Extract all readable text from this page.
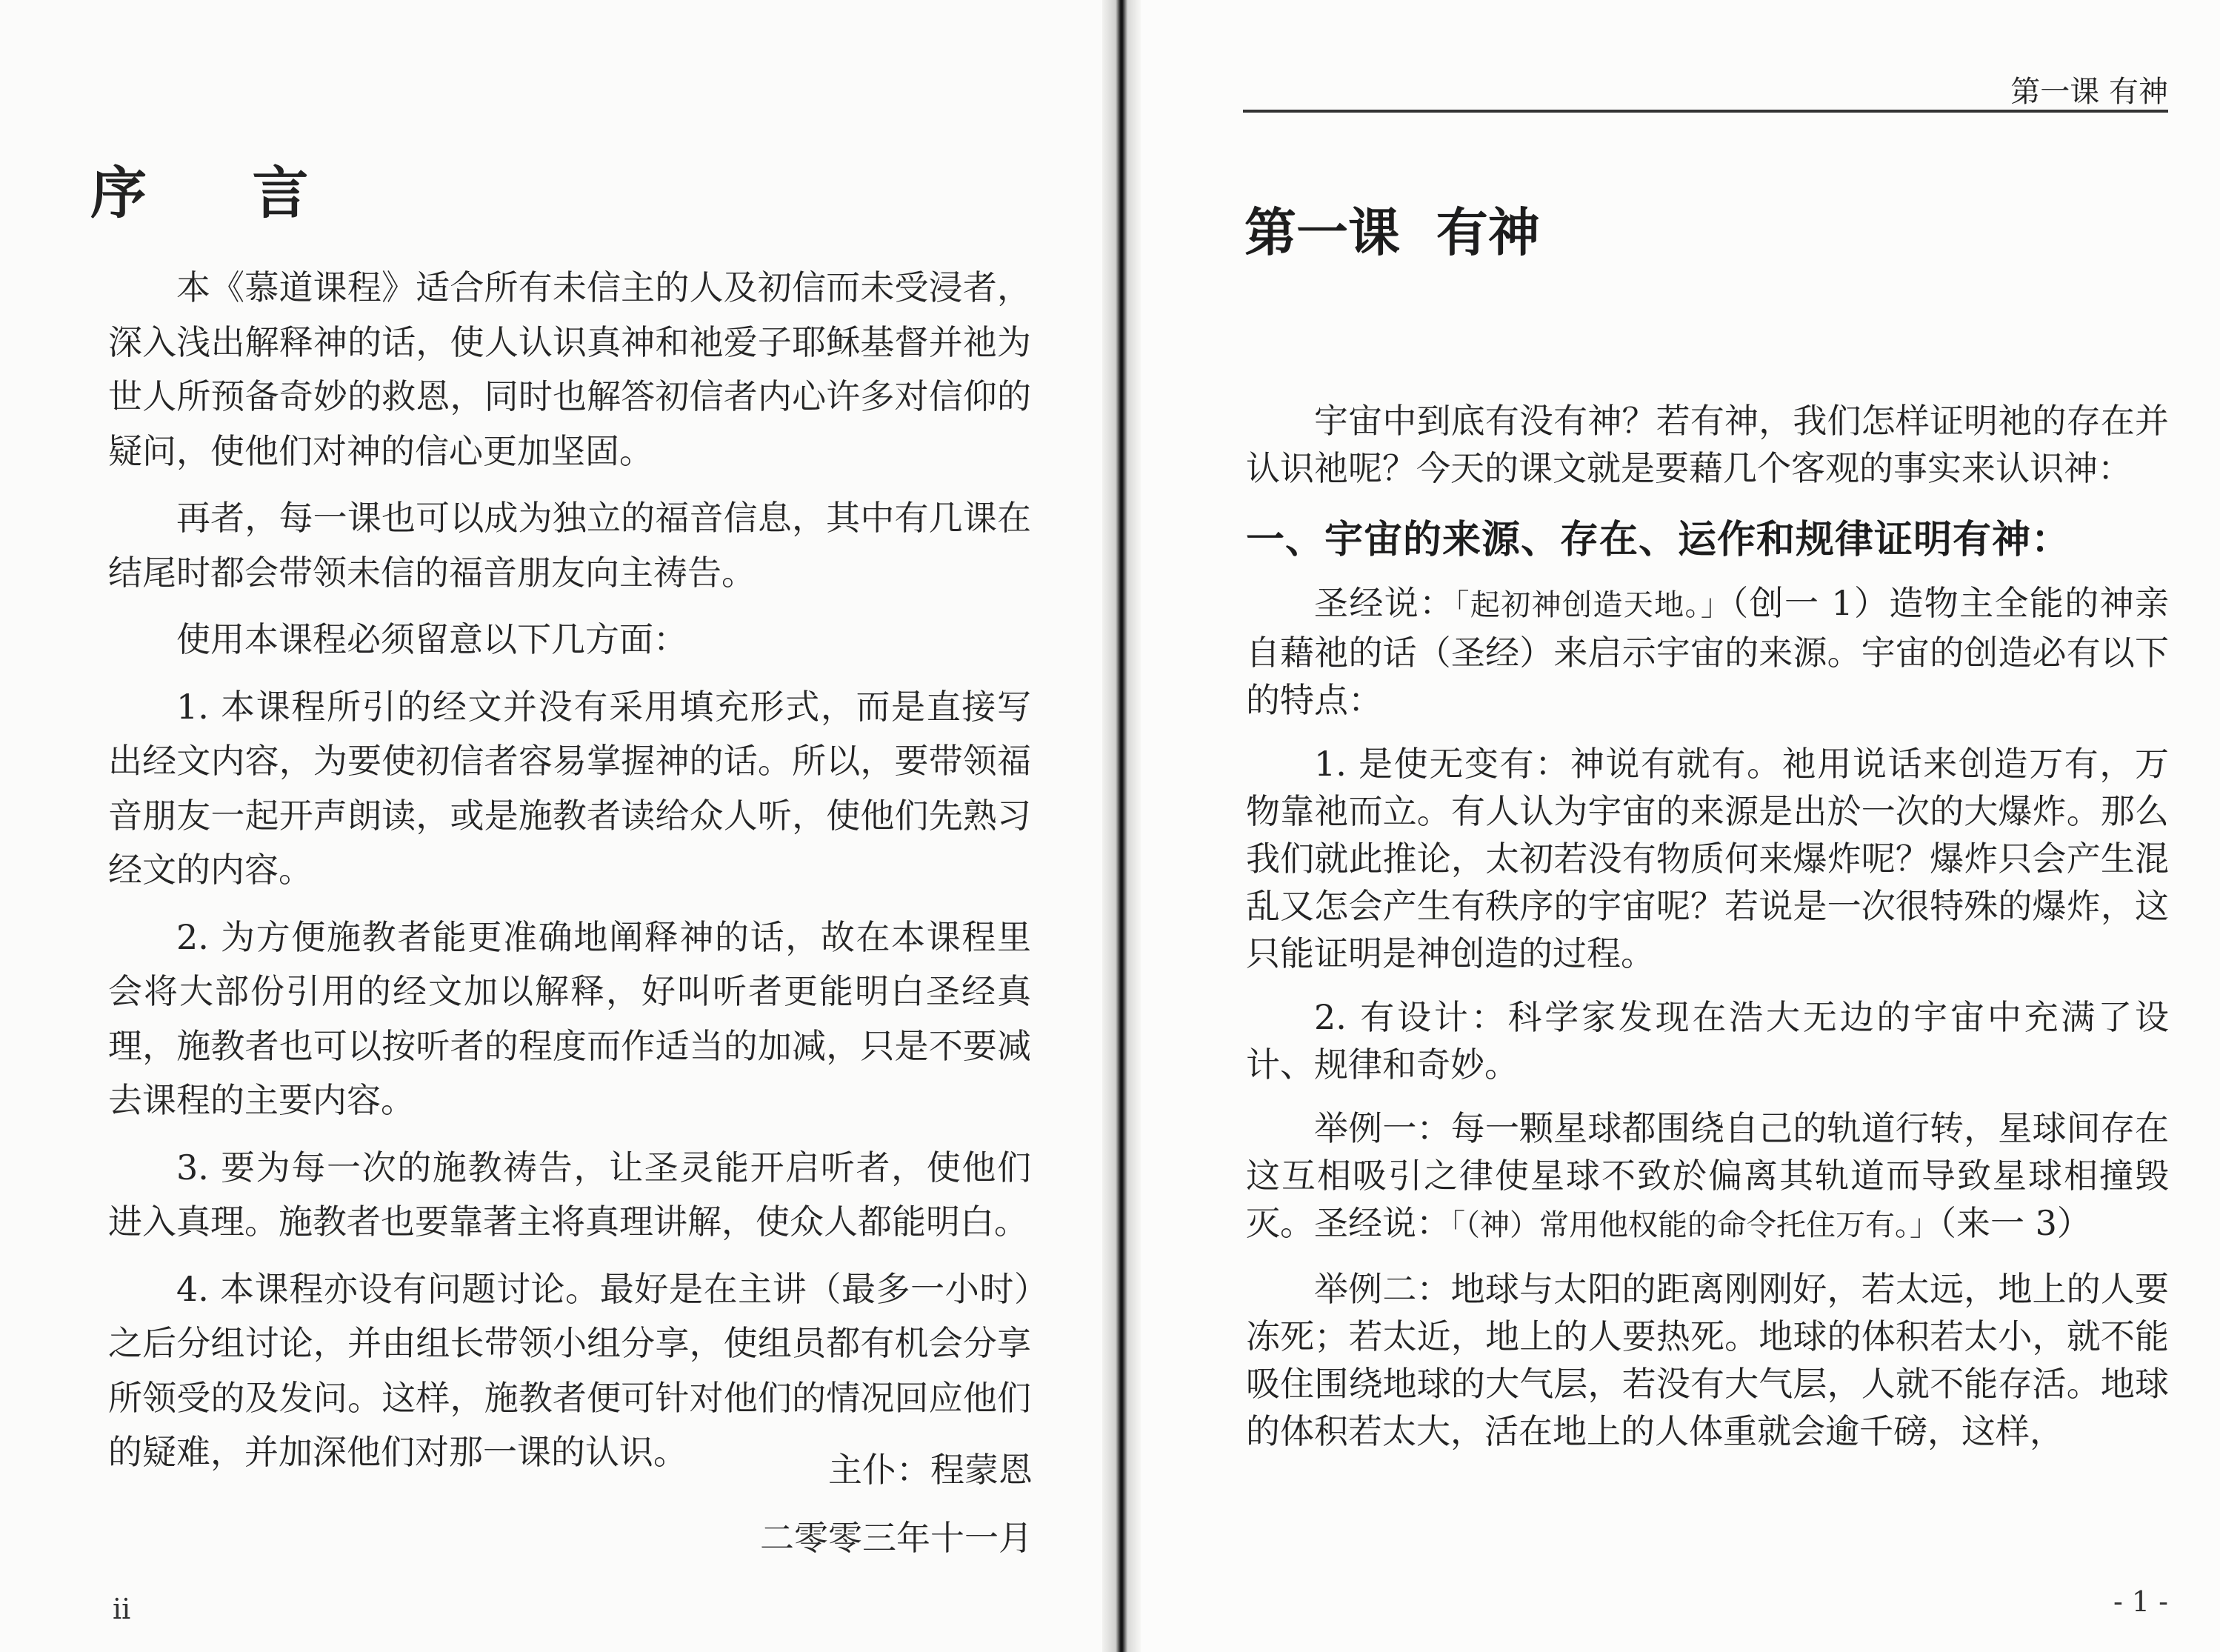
序 言

本《慕道课程》适合所有未信主的人及初信而未受浸者，深入浅出解释神的话，使人认识真神和祂爱子耶稣基督并祂为世人所预备奇妙的救恩，同时也解答初信者内心许多对信仰的疑问，使他们对神的信心更加坚固。

再者，每一课也可以成为独立的福音信息，其中有几课在结尾时都会带领未信的福音朋友向主祷告。

使用本课程必须留意以下几方面：

1. 本课程所引的经文并没有采用填充形式，而是直接写出经文内容，为要使初信者容易掌握神的话。所以，要带领福音朋友一起开声朗读，或是施教者读给众人听，使他们先熟习经文的内容。

2. 为方便施教者能更准确地阐释神的话，故在本课程里会将大部份引用的经文加以解释，好叫听者更能明白圣经真理，施教者也可以按听者的程度而作适当的加减，只是不要减去课程的主要内容。

3. 要为每一次的施教祷告，让圣灵能开启听者，使他们进入真理。施教者也要靠著主将真理讲解，使众人都能明白。

4. 本课程亦设有问题讨论。最好是在主讲（最多一小时）之后分组讨论，并由组长带领小组分享，使组员都有机会分享所领受的及发问。这样，施教者便可针对他们的情况回应他们的疑难，并加深他们对那一课的认识。	主仆：程蒙恩
二零零三年十一月
ii
第一课 有神
第一课  有神

宇宙中到底有没有神？若有神，我们怎样证明祂的存在并认识祂呢？今天的课文就是要藉几个客观的事实来认识神：

一、宇宙的来源、存在、运作和规律证明有神：

圣经说：「起初神创造天地。」（创一 1）造物主全能的神亲自藉祂的话（圣经）来启示宇宙的来源。宇宙的创造必有以下的特点：

1. 是使无变有：神说有就有。祂用说话来创造万有，万物靠祂而立。有人认为宇宙的来源是出於一次的大爆炸。那么我们就此推论，太初若没有物质何来爆炸呢？爆炸只会产生混乱又怎会产生有秩序的宇宙呢？若说是一次很特殊的爆炸，这只能证明是神创造的过程。

2. 有设计：科学家发现在浩大无边的宇宙中充满了设计、规律和奇妙。

举例一：每一颗星球都围绕自己的轨道行转，星球间存在这互相吸引之律使星球不致於偏离其轨道而导致星球相撞毁灭。圣经说：「（神）常用他权能的命令托住万有。」（来一 3）

举例二：地球与太阳的距离刚刚好，若太远，地上的人要冻死；若太近，地上的人要热死。地球的体积若太小，就不能吸住围绕地球的大气层，若没有大气层，人就不能存活。地球的体积若太大，活在地上的人体重就会逾千磅，这样，

- 1 -
